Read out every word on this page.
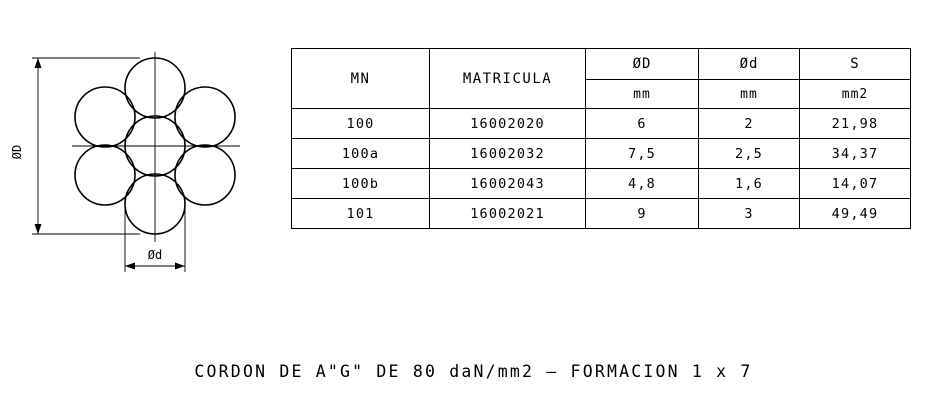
ØD
Ød
MN	MATRICULA	ØD	Ød	S
		mm	mm	mm2
100	16002020	6	2	21,98
100a	16002032	7,5	2,5	34,37
100b	16002043	4,8	1,6	14,07
101	16002021	9	3	49,49
CORDON DE A"G" DE 80 daN/mm2 — FORMACION 1 x 7
